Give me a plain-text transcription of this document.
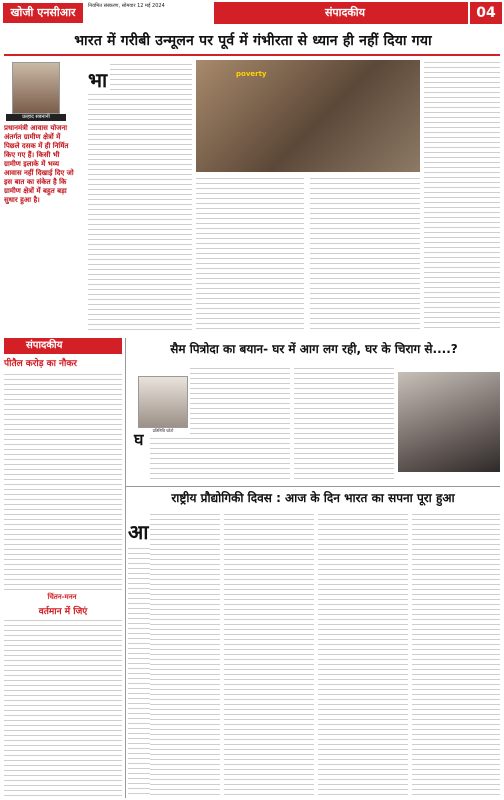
खोजी एनसीआर	नियमित संस्करण, सोमवार 12 मई 2024	संपादकीय	04
भारत में गरीबी उन्मूलन पर पूर्व में गंभीरता से ध्यान ही नहीं दिया गया
प्रल्हाद सबनानी
प्रधानमंत्री आवास योजना अंतर्गत ग्रामीण क्षेत्रों में पिछले दसक में ही निर्मित किए गए हैं। किसी भी ग्रामीण इलाके में भव्य आवास नहीं दिखाई दिए जो इस बात का संकेत है कि ग्रामीण क्षेत्रों में बहुत बड़ा सुधार हुआ है।
भा	poverty
संपादकीय
पीतैल करोड़ का नौकर
चिंतन-मनन
वर्तमान में जिएं
सैम पित्रोदा का बयान- घर में आग लग रही, घर के चिराग से....?
प्रतिनिधि फोटो
घ
राष्ट्रीय प्रौद्योगिकी दिवस : आज के दिन भारत का सपना पूरा हुआ
आ
